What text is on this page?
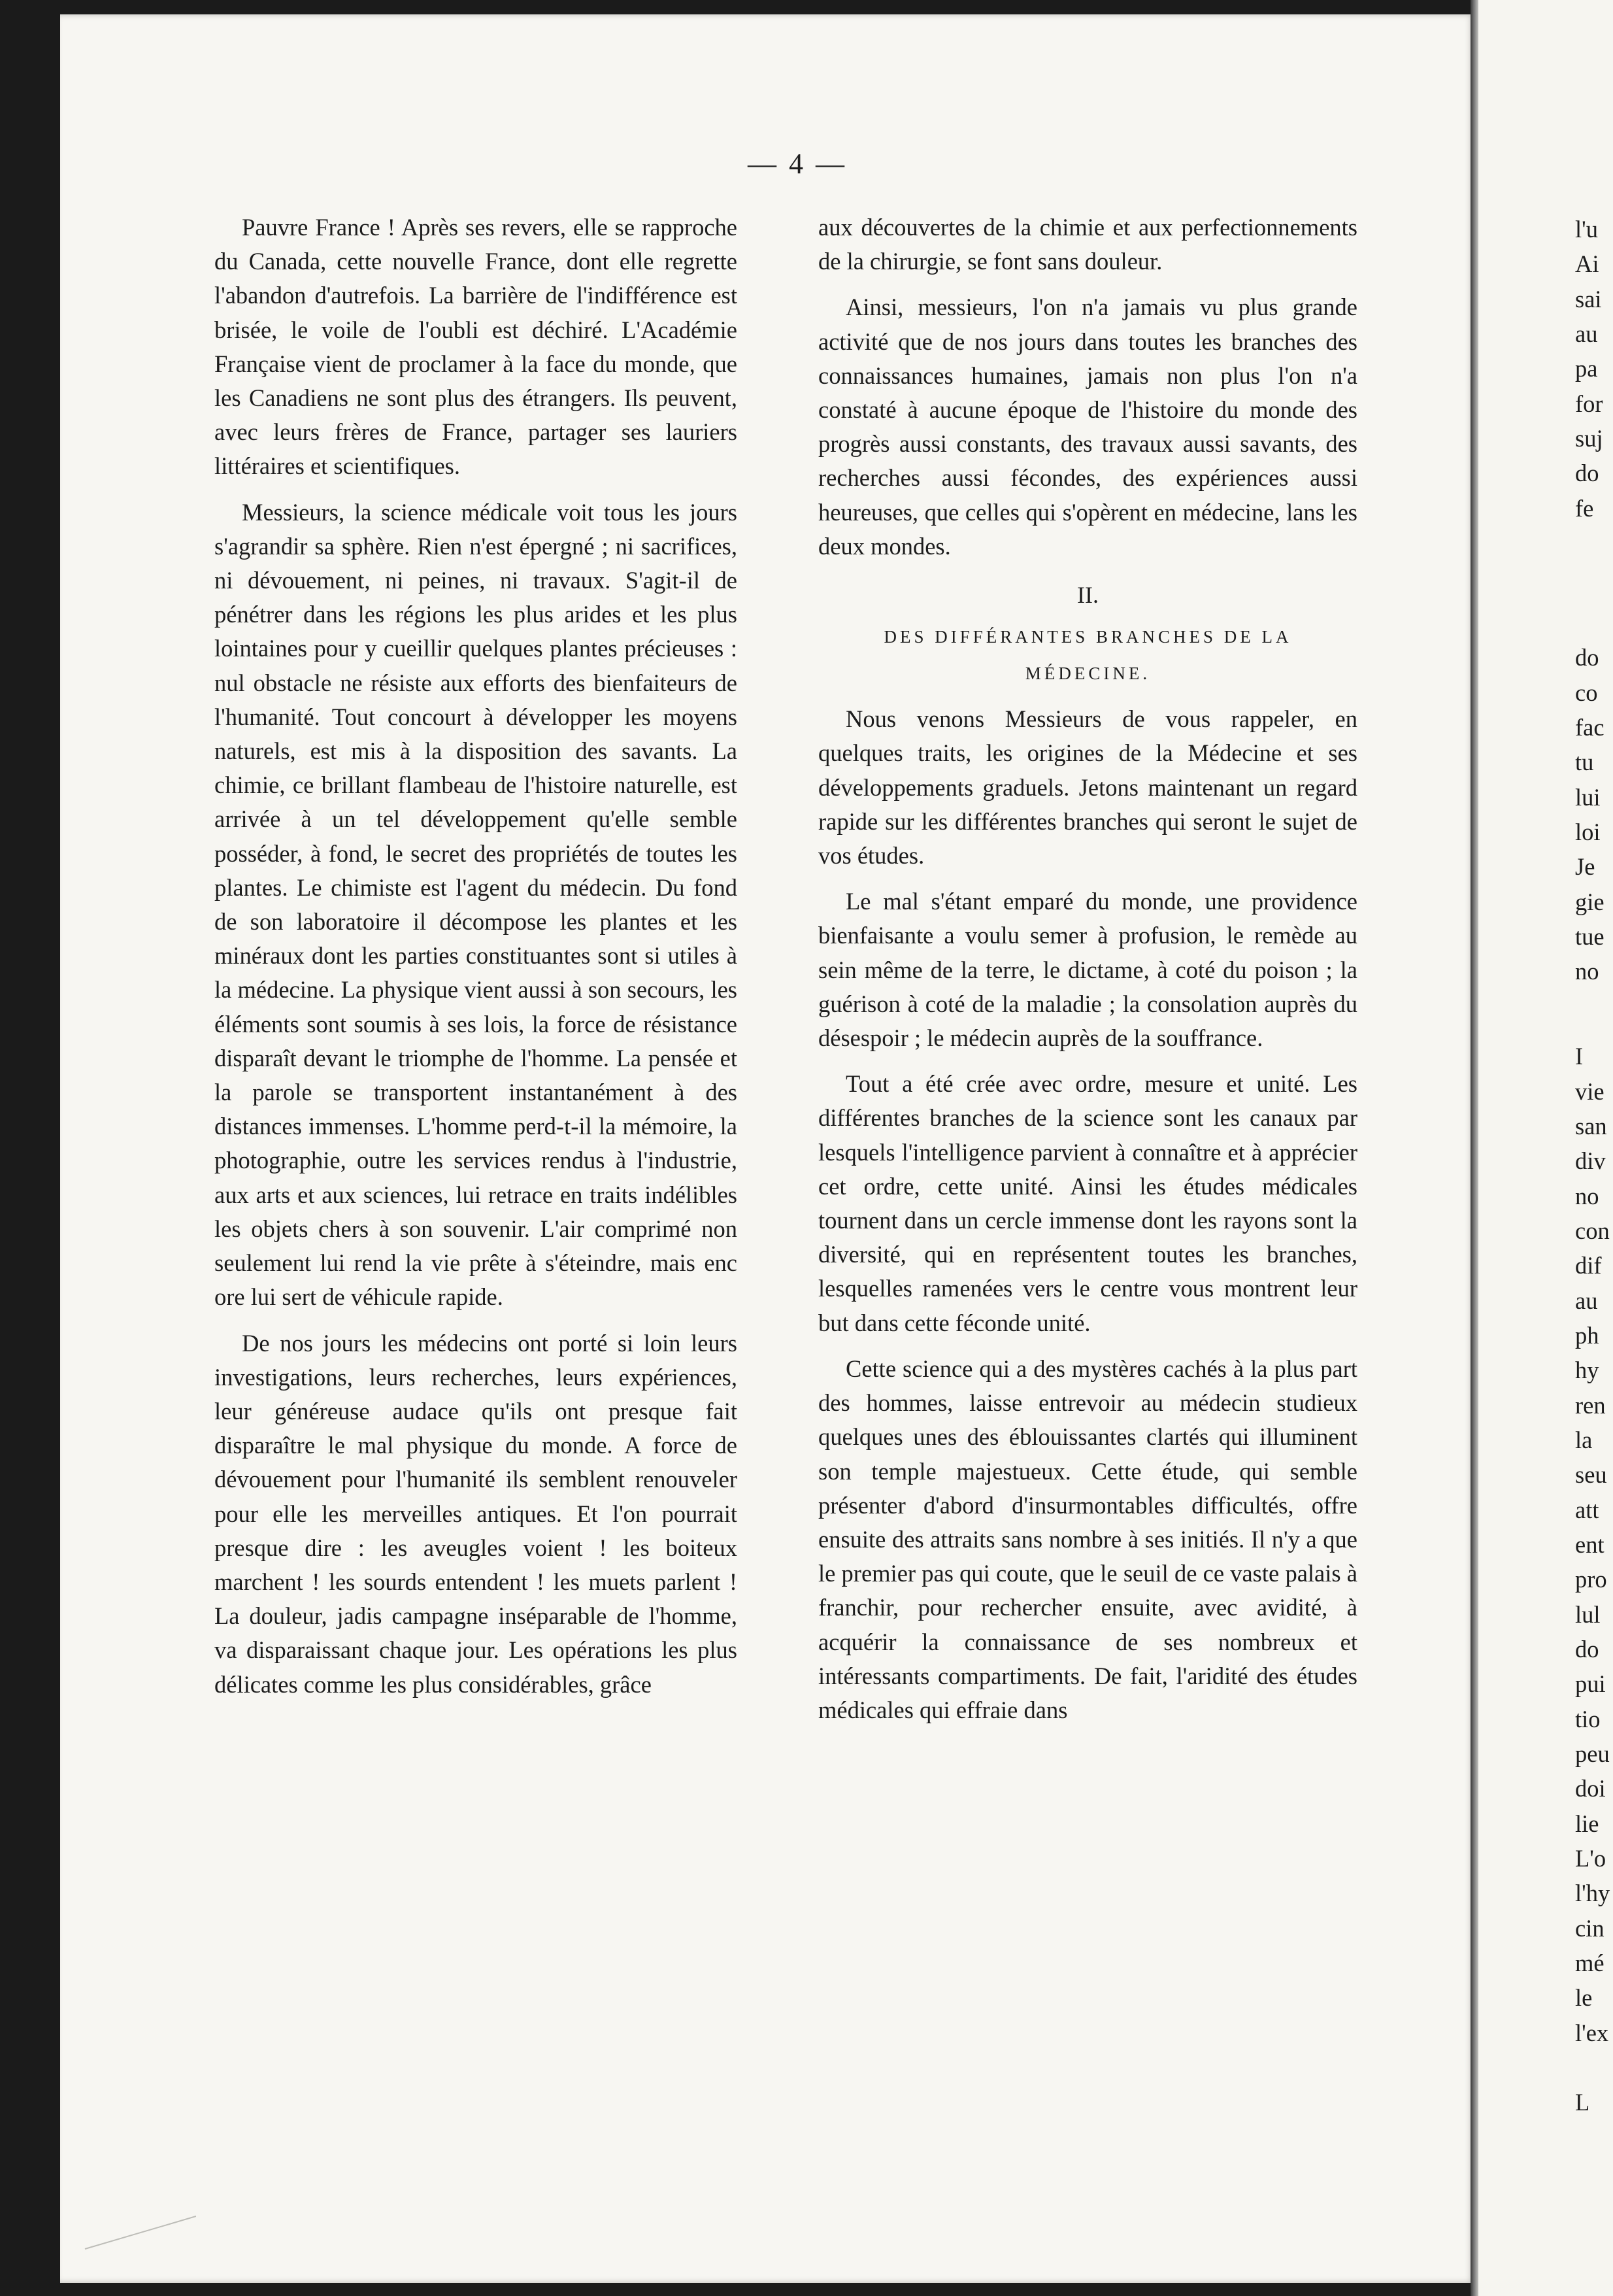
— 4 —

Pauvre France ! Après ses revers, elle se rapproche du Canada, cette nouvelle France, dont elle regrette l'abandon d'autrefois. La barrière de l'indifférence est brisée, le voile de l'oubli est déchiré. L'Académie Française vient de proclamer à la face du monde, que les Canadiens ne sont plus des étrangers. Ils peuvent, avec leurs frères de France, partager ses lauriers littéraires et scientifiques.

Messieurs, la science médicale voit tous les jours s'agrandir sa sphère. Rien n'est épergné ; ni sacrifices, ni dévouement, ni peines, ni travaux. S'agit-il de pénétrer dans les régions les plus arides et les plus lointaines pour y cueillir quelques plantes précieuses : nul obstacle ne résiste aux efforts des bienfaiteurs de l'humanité. Tout concourt à développer les moyens naturels, est mis à la disposition des savants. La chimie, ce brillant flambeau de l'histoire naturelle, est arrivée à un tel développement qu'elle semble posséder, à fond, le secret des propriétés de toutes les plantes. Le chimiste est l'agent du médecin. Du fond de son laboratoire il décompose les plantes et les minéraux dont les parties constituantes sont si utiles à la médecine. La physique vient aussi à son secours, les éléments sont soumis à ses lois, la force de résistance disparaît devant le triomphe de l'homme. La pensée et la parole se transportent instantanément à des distances immenses. L'homme perd-t-il la mémoire, la photographie, outre les services rendus à l'industrie, aux arts et aux sciences, lui retrace en traits indélibles les objets chers à son souvenir. L'air comprimé non seulement lui rend la vie prête à s'éteindre, mais enc ore lui sert de véhicule rapide.

De nos jours les médecins ont porté si loin leurs investigations, leurs recherches, leurs expériences, leur généreuse audace qu'ils ont presque fait disparaître le mal physique du monde. A force de dévouement pour l'humanité ils semblent renouveler pour elle les merveilles antiques. Et l'on pourrait presque dire : les aveugles voient ! les boiteux marchent ! les sourds entendent ! les muets parlent ! La douleur, jadis campagne inséparable de l'homme, va disparaissant chaque jour. Les opérations les plus délicates comme les plus considérables, grâce

aux découvertes de la chimie et aux perfectionnements de la chirurgie, se font sans douleur.

Ainsi, messieurs, l'on n'a jamais vu plus grande activité que de nos jours dans toutes les branches des connaissances humaines, jamais non plus l'on n'a constaté à aucune époque de l'histoire du monde des progrès aussi constants, des travaux aussi savants, des recherches aussi fécondes, des expériences aussi heureuses, que celles qui s'opèrent en médecine, lans les deux mondes.

II.
DES DIFFÉRANTES BRANCHES DE LA
MÉDECINE.

Nous venons Messieurs de vous rappeler, en quelques traits, les origines de la Médecine et ses développements graduels. Jetons maintenant un regard rapide sur les différentes branches qui seront le sujet de vos études.

Le mal s'étant emparé du monde, une providence bienfaisante a voulu semer à profusion, le remède au sein même de la terre, le dictame, à coté du poison ; la guérison à coté de la maladie ; la consolation auprès du désespoir ; le médecin auprès de la souffrance.

Tout a été crée avec ordre, mesure et unité. Les différentes branches de la science sont les canaux par lesquels l'intelligence parvient à connaître et à apprécier cet ordre, cette unité. Ainsi les études médicales tournent dans un cercle immense dont les rayons sont la diversité, qui en représentent toutes les branches, lesquelles ramenées vers le centre vous montrent leur but dans cette féconde unité.

Cette science qui a des mystères cachés à la plus part des hommes, laisse entrevoir au médecin studieux quelques unes des éblouissantes clartés qui illuminent son temple majestueux. Cette étude, qui semble présenter d'abord d'insurmontables difficultés, offre ensuite des attraits sans nombre à ses initiés. Il n'y a que le premier pas qui coute, que le seuil de ce vaste palais à franchir, pour rechercher ensuite, avec avidité, à acquérir la connaissance de ses nombreux et intéressants compartiments. De fait, l'aridité des études médicales qui effraie dans

l'u
Ai
sai
au
pa
for
suj
do
fe
do
co
fac
tu
lui
loi
Je
gie
tue
no
I
vie
san
div
no
con
dif
au
ph
hy
ren
la
seu
att
ent
pro
lul
do
pui
tio
peu
doi
lie
L'o
l'hy
cin
mé
le
l'ex
L
